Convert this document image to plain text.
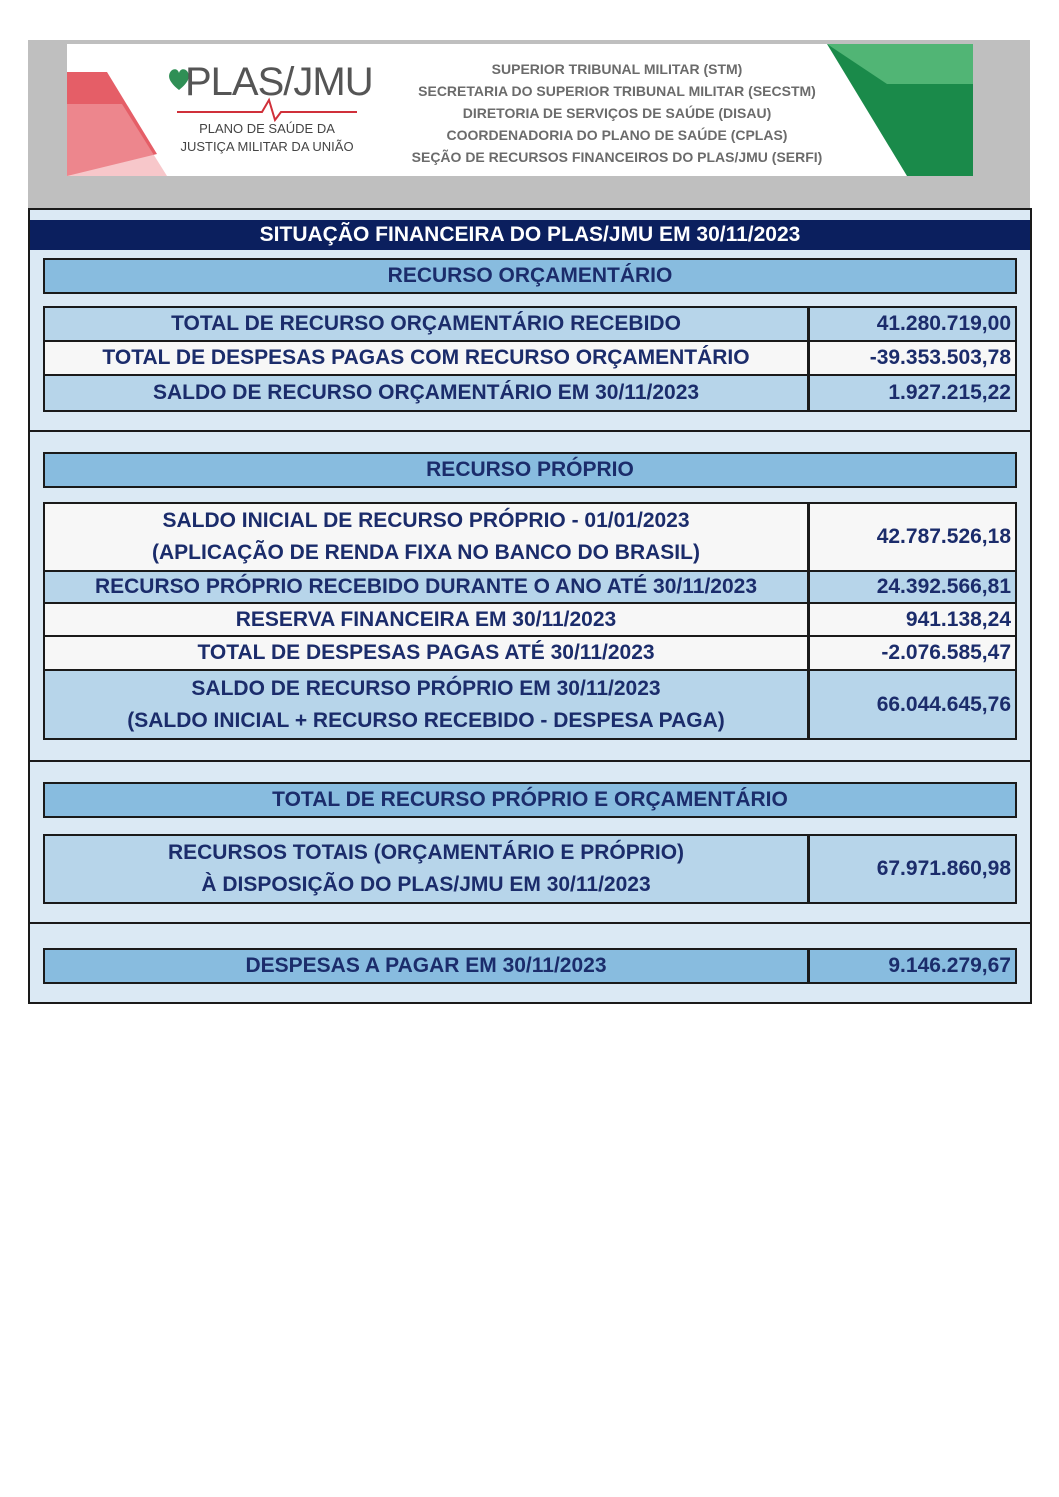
PLAS/JMU
PLANO DE SAÚDE DA
JUSTIÇA MILITAR DA UNIÃO
SUPERIOR TRIBUNAL MILITAR (STM)
SECRETARIA DO SUPERIOR TRIBUNAL MILITAR (SECSTM)
DIRETORIA DE SERVIÇOS DE SAÚDE (DISAU)
COORDENADORIA DO PLANO DE SAÚDE (CPLAS)
SEÇÃO DE RECURSOS FINANCEIROS DO PLAS/JMU (SERFI)
SITUAÇÃO FINANCEIRA DO PLAS/JMU EM 30/11/2023
RECURSO ORÇAMENTÁRIO
TOTAL DE RECURSO ORÇAMENTÁRIO RECEBIDO	41.280.719,00
TOTAL DE DESPESAS PAGAS COM RECURSO ORÇAMENTÁRIO	-39.353.503,78
SALDO DE RECURSO ORÇAMENTÁRIO EM 30/11/2023	1.927.215,22
RECURSO PRÓPRIO
SALDO INICIAL DE RECURSO PRÓPRIO - 01/01/2023
(APLICAÇÃO DE RENDA FIXA NO BANCO DO BRASIL)
42.787.526,18
RECURSO PRÓPRIO RECEBIDO DURANTE O ANO ATÉ 30/11/2023	24.392.566,81
RESERVA FINANCEIRA EM 30/11/2023	941.138,24
TOTAL DE DESPESAS PAGAS ATÉ 30/11/2023	-2.076.585,47
SALDO DE RECURSO PRÓPRIO EM 30/11/2023
(SALDO INICIAL + RECURSO RECEBIDO - DESPESA PAGA)
66.044.645,76
TOTAL DE RECURSO PRÓPRIO E ORÇAMENTÁRIO
RECURSOS TOTAIS (ORÇAMENTÁRIO E PRÓPRIO)
À DISPOSIÇÃO DO PLAS/JMU EM 30/11/2023
67.971.860,98
DESPESAS A PAGAR EM 30/11/2023	9.146.279,67
